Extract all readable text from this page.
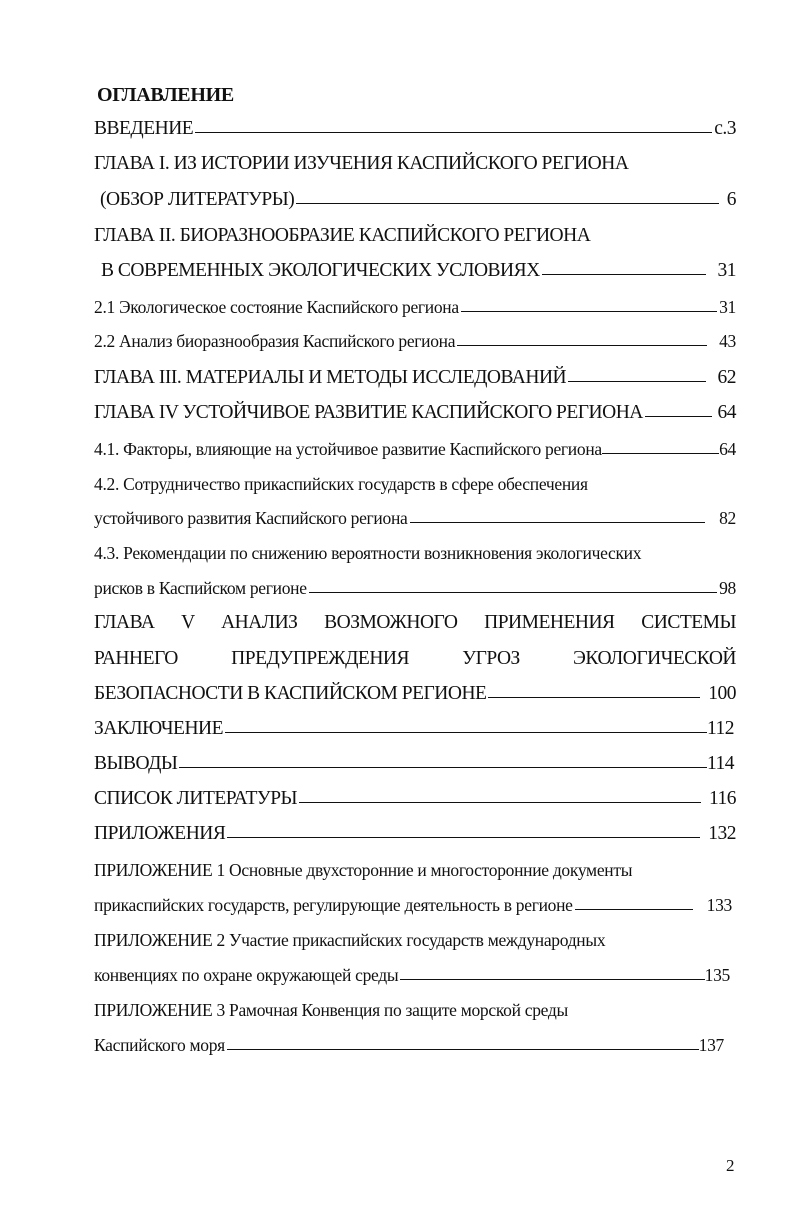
ОГЛАВЛЕНИЕ
ВВЕДЕНИЕ	с.3
ГЛАВА I. ИЗ ИСТОРИИ ИЗУЧЕНИЯ КАСПИЙСКОГО РЕГИОНА
(ОБЗОР ЛИТЕРАТУРЫ)	6
ГЛАВА II. БИОРАЗНООБРАЗИЕ КАСПИЙСКОГО РЕГИОНА
В СОВРЕМЕННЫХ ЭКОЛОГИЧЕСКИХ УСЛОВИЯХ	31
2.1 Экологическое состояние Каспийского региона	31
2.2 Анализ биоразнообразия Каспийского региона	43
ГЛАВА III. МАТЕРИАЛЫ И МЕТОДЫ ИССЛЕДОВАНИЙ	62
ГЛАВА IV УСТОЙЧИВОЕ РАЗВИТИЕ КАСПИЙСКОГО РЕГИОНА	64
4.1. Факторы, влияющие на устойчивое развитие Каспийского региона	64
4.2. Сотрудничество прикаспийских государств в сфере обеспечения
устойчивого развития Каспийского региона	82
4.3. Рекомендации по снижению вероятности возникновения экологических
рисков в Каспийском регионе	98
ГЛАВА V АНАЛИЗ ВОЗМОЖНОГО ПРИМЕНЕНИЯ СИСТЕМЫ
РАННЕГО ПРЕДУПРЕЖДЕНИЯ УГРОЗ ЭКОЛОГИЧЕСКОЙ
БЕЗОПАСНОСТИ В КАСПИЙСКОМ РЕГИОНЕ	100
ЗАКЛЮЧЕНИЕ	112
ВЫВОДЫ	114
СПИСОК ЛИТЕРАТУРЫ	116
ПРИЛОЖЕНИЯ	132
ПРИЛОЖЕНИЕ 1 Основные двухсторонние и многосторонние документы
прикаспийских государств, регулирующие деятельность в регионе	133
ПРИЛОЖЕНИЕ 2 Участие прикаспийских государств международных
конвенциях по охране окружающей среды	135
ПРИЛОЖЕНИЕ 3 Рамочная Конвенция по защите морской среды
Каспийского моря	137
2
